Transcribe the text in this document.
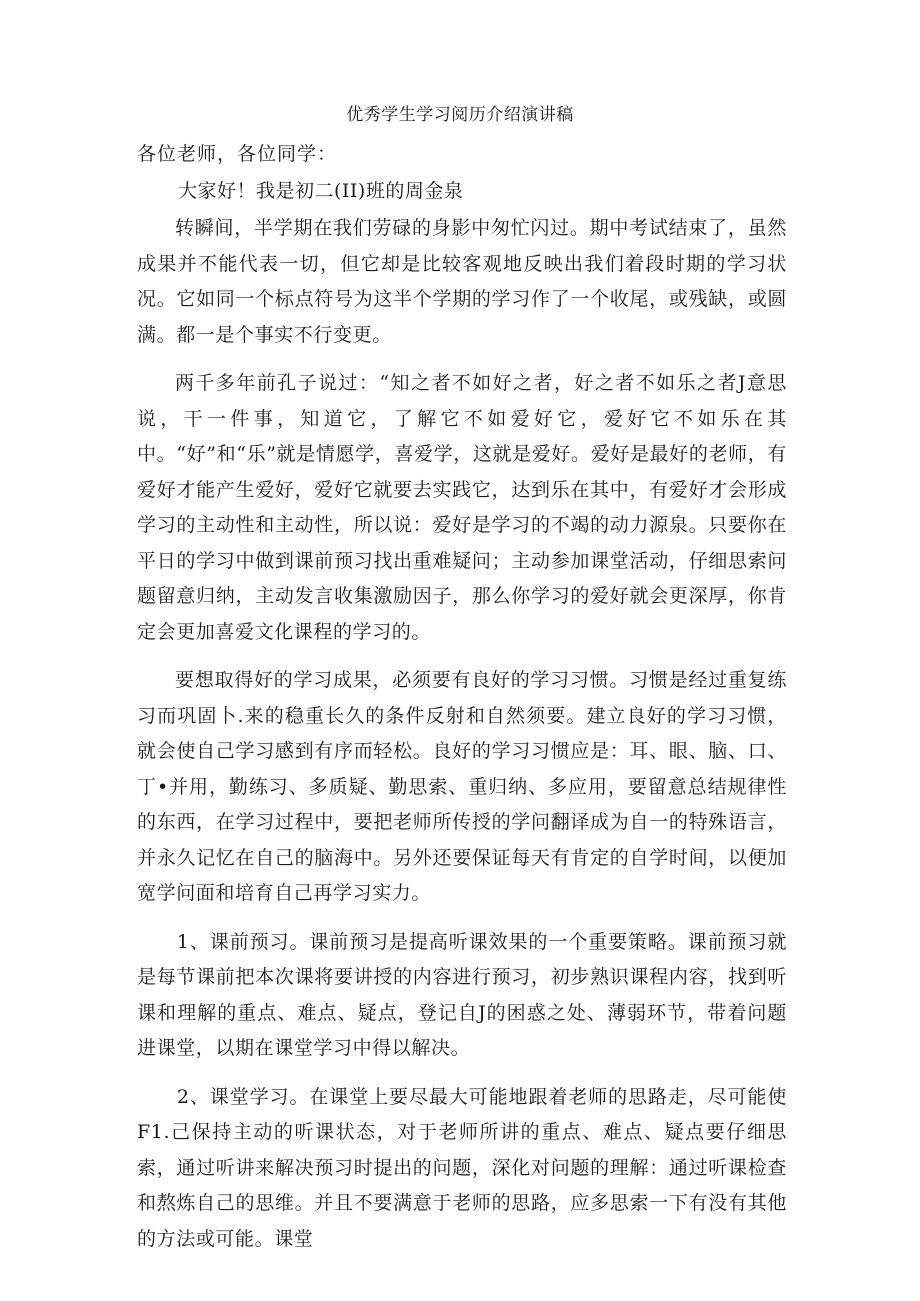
优秀学生学习阅历介绍演讲稿
各位老师，各位同学：
大家好！我是初二(II)班的周金泉

转瞬间，半学期在我们劳碌的身影中匆忙闪过。期中考试结束了，虽然成果并不能代表一切，但它却是比较客观地反映出我们着段时期的学习状况。它如同一个标点符号为这半个学期的学习作了一个收尾，或残缺，或圆满。都一是个事实不行变更。

两千多年前孔子说过：“知之者不如好之者，好之者不如乐之者J意思说，干一件事，知道它，了解它不如爱好它，爱好它不如乐在其中。“好”和“乐”就是情愿学，喜爱学，这就是爱好。爱好是最好的老师，有爱好才能产生爱好，爱好它就要去实践它，达到乐在其中，有爱好才会形成学习的主动性和主动性，所以说：爱好是学习的不竭的动力源泉。只要你在平日的学习中做到课前预习找出重难疑问；主动参加课堂活动，仔细思索问题留意归纳，主动发言收集激励因子，那么你学习的爱好就会更深厚，你肯定会更加喜爱文化课程的学习的。

要想取得好的学习成果，必须要有良好的学习习惯。习惯是经过重复练习而巩固卜.来的稳重长久的条件反射和自然须要。建立良好的学习习惯，就会使自己学习感到有序而轻松。良好的学习习惯应是：耳、眼、脑、口、丁•并用，勤练习、多质疑、勤思索、重归纳、多应用，要留意总结规律性的东西，在学习过程中，要把老师所传授的学问翻译成为自一的特殊语言，并永久记忆在自己的脑海中。另外还要保证每天有肯定的自学时间，以便加宽学问面和培育自己再学习实力。

1、课前预习。课前预习是提高听课效果的一个重要策略。课前预习就是每节课前把本次课将要讲授的内容进行预习，初步熟识课程内容，找到听课和理解的重点、难点、疑点，登记自J的困惑之处、薄弱环节，带着问题进课堂，以期在课堂学习中得以解决。

2、课堂学习。在课堂上要尽最大可能地跟着老师的思路走，尽可能使F1.己保持主动的听课状态，对于老师所讲的重点、难点、疑点要仔细思索，通过听讲来解决预习时提出的问题，深化对问题的理解：通过听课检查和熬炼自己的思维。并且不要满意于老师的思路，应多思索一下有没有其他的方法或可能。课堂
